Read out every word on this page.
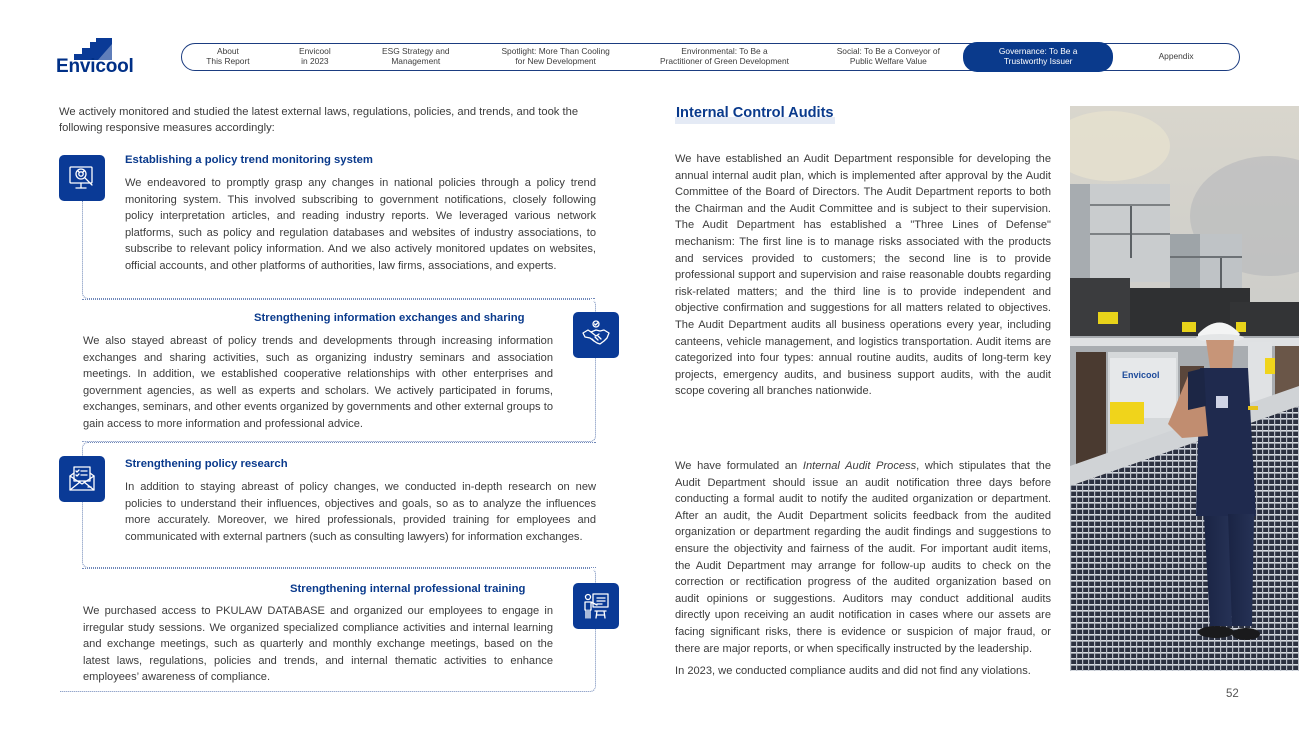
Envicool
About
This Report
Envicool
in 2023
ESG Strategy and
Management
Spotlight: More Than Cooling
for New Development
Environmental: To Be a
Practitioner of Green Development
Social: To Be a Conveyor of
Public Welfare Value
Governance: To Be a
Trustworthy Issuer	Appendix

We actively monitored and studied the latest external laws, regulations, policies, and trends, and took the following responsive measures accordingly:

Establishing a policy trend monitoring system

We endeavored to promptly grasp any changes in national policies through a policy trend monitoring system. This involved subscribing to government notifications, closely following policy interpretation articles, and reading industry reports. We leveraged various network platforms, such as policy and regulation databases and websites of industry associations, to subscribe to relevant policy information. And we also actively monitored updates on websites, official accounts, and other platforms of authorities, law firms, associations, and experts.

Strengthening information exchanges and sharing

We also stayed abreast of policy trends and developments through increasing information exchanges and sharing activities, such as organizing industry seminars and association meetings. In addition, we established cooperative relationships with other enterprises and government agencies, as well as experts and scholars. We actively participated in forums, exchanges, seminars, and other events organized by governments and other external groups to gain access to more information and professional advice.

Strengthening policy research

In addition to staying abreast of policy changes, we conducted in-depth research on new policies to understand their influences, objectives and goals, so as to analyze the influences more accurately. Moreover, we hired professionals, provided training for employees and communicated with external partners (such as consulting lawyers) for information exchanges.

Strengthening internal professional training

We purchased access to PKULAW DATABASE and organized our employees to engage in irregular study sessions. We organized specialized compliance activities and internal learning and exchange meetings, such as quarterly and monthly exchange meetings, based on the latest laws, regulations, policies and trends, and internal thematic activities to enhance employees’ awareness of compliance.

Internal Control Audits

We have established an Audit Department responsible for developing the annual internal audit plan, which is implemented after approval by the Audit Committee of the Board of Directors. The Audit Department reports to both the Chairman and the Audit Committee and is subject to their supervision. The Audit Department has established a "Three Lines of Defense" mechanism: The first line is to manage risks associated with the products and services provided to customers; the second line is to provide professional support and supervision and raise reasonable doubts regarding risk-related matters; and the third line is to provide independent and objective confirmation and suggestions for all matters related to objectives. The Audit Department audits all business operations every year, including canteens, vehicle management, and logistics transportation. Audit items are categorized into four types: annual routine audits, audits of long-term key projects, emergency audits, and business support audits, with the audit scope covering all branches nationwide.

We have formulated an Internal Audit Process, which stipulates that the Audit Department should issue an audit notification three days before conducting a formal audit to notify the audited organization or department. After an audit, the Audit Department solicits feedback from the audited organization or department regarding the audit findings and suggestions to ensure the objectivity and fairness of the audit. For important audit items, the Audit Department may arrange for follow-up audits to check on the correction or rectification progress of the audited organization based on audit opinions or suggestions. Auditors may conduct additional audits directly upon receiving an audit notification in cases where our assets are facing significant risks, there is evidence or suspicion of major fraud, or there are major reports, or when specifically instructed by the leadership.

In 2023, we conducted compliance audits and did not find any violations.

Envicool
52
